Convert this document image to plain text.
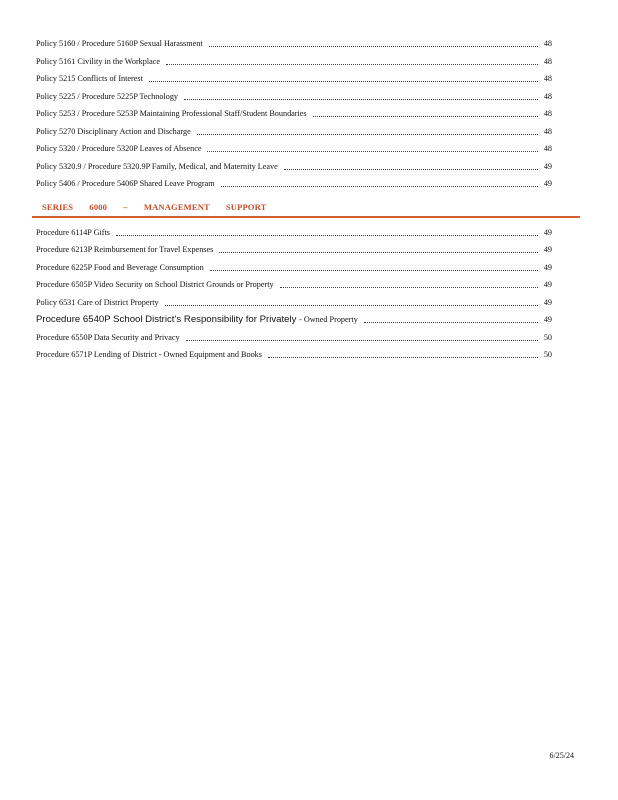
Policy 5160 / Procedure 5160P Sexual Harassment	48
Policy 5161 Civility in the Workplace	48
Policy 5215 Conflicts of Interest	48
Policy 5225 / Procedure 5225P Technology	48
Policy 5253 / Procedure 5253P Maintaining Professional Staff/Student Boundaries	48
Policy 5270 Disciplinary Action and Discharge	48
Policy 5320 / Procedure 5320P Leaves of Absence	48
Policy 5320.9 / Procedure 5320.9P Family, Medical, and Maternity Leave	49
Policy 5406 / Procedure 5406P Shared Leave Program	49
SERIES 6000 – MANAGEMENT SUPPORT
Procedure 6114P Gifts	49
Procedure 6213P Reimbursement for Travel Expenses	49
Procedure 6225P Food and Beverage Consumption	49
Procedure 6505P Video Security on School District Grounds or Property	49
Policy 6531 Care of District Property	49
Procedure 6540P School District’s Responsibility for Privately - Owned Property	49
Procedure 6550P Data Security and Privacy	50
Procedure 6571P Lending of District - Owned Equipment and Books	50
6/25/24
